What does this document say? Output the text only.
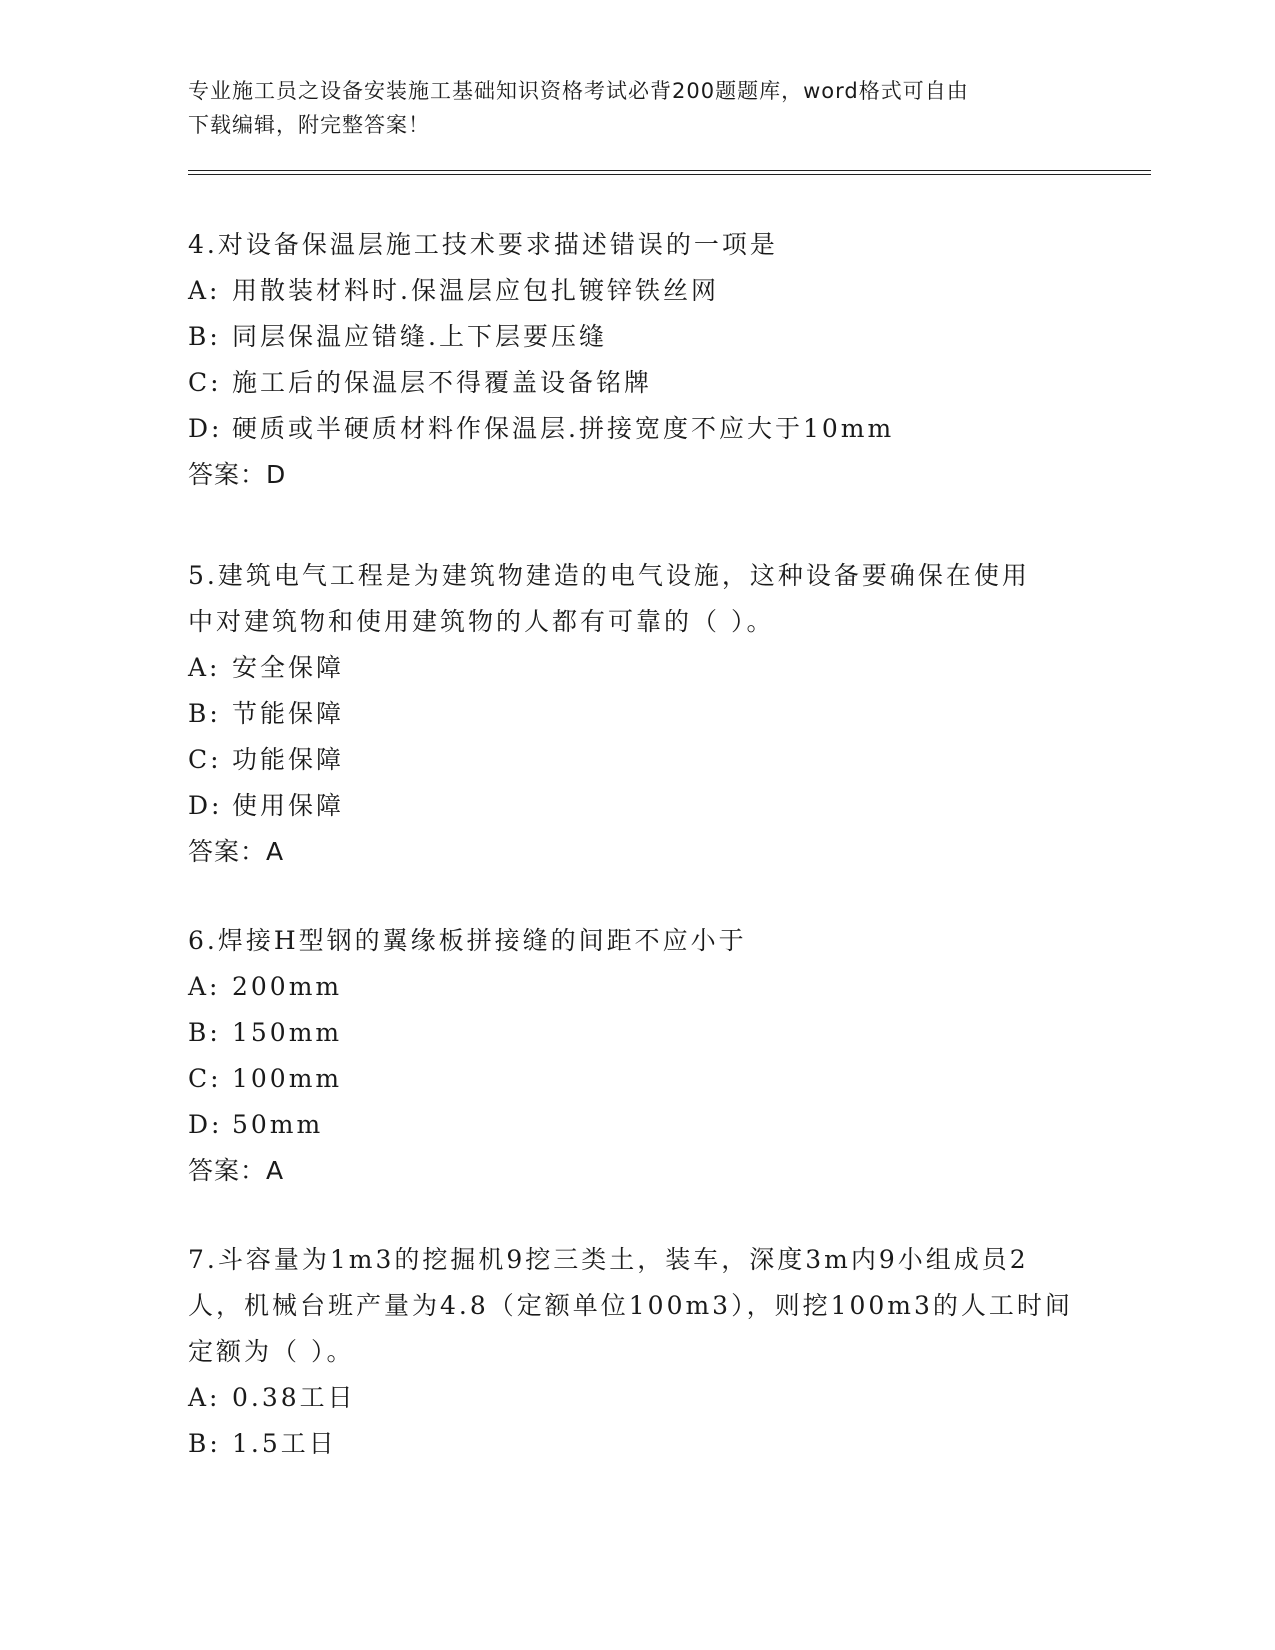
专业施工员之设备安装施工基础知识资格考试必背200题题库，word格式可自由
下载编辑，附完整答案！
4.对设备保温层施工技术要求描述错误的一项是
A: 用散装材料时.保温层应包扎镀锌铁丝网
B: 同层保温应错缝.上下层要压缝
C: 施工后的保温层不得覆盖设备铭牌
D: 硬质或半硬质材料作保温层.拼接宽度不应大于10mm
答案：D
5.建筑电气工程是为建筑物建造的电气设施，这种设备要确保在使用
中对建筑物和使用建筑物的人都有可靠的（ ）。
A: 安全保障
B: 节能保障
C: 功能保障
D: 使用保障
答案：A
6.焊接H型钢的翼缘板拼接缝的间距不应小于
A: 200mm
B: 150mm
C: 100mm
D: 50mm
答案：A
7.斗容量为1m3的挖掘机9挖三类土，装车，深度3m内9小组成员2
人，机械台班产量为4.8（定额单位100m3），则挖100m3的人工时间
定额为（ ）。
A: 0.38工日
B: 1.5工日
